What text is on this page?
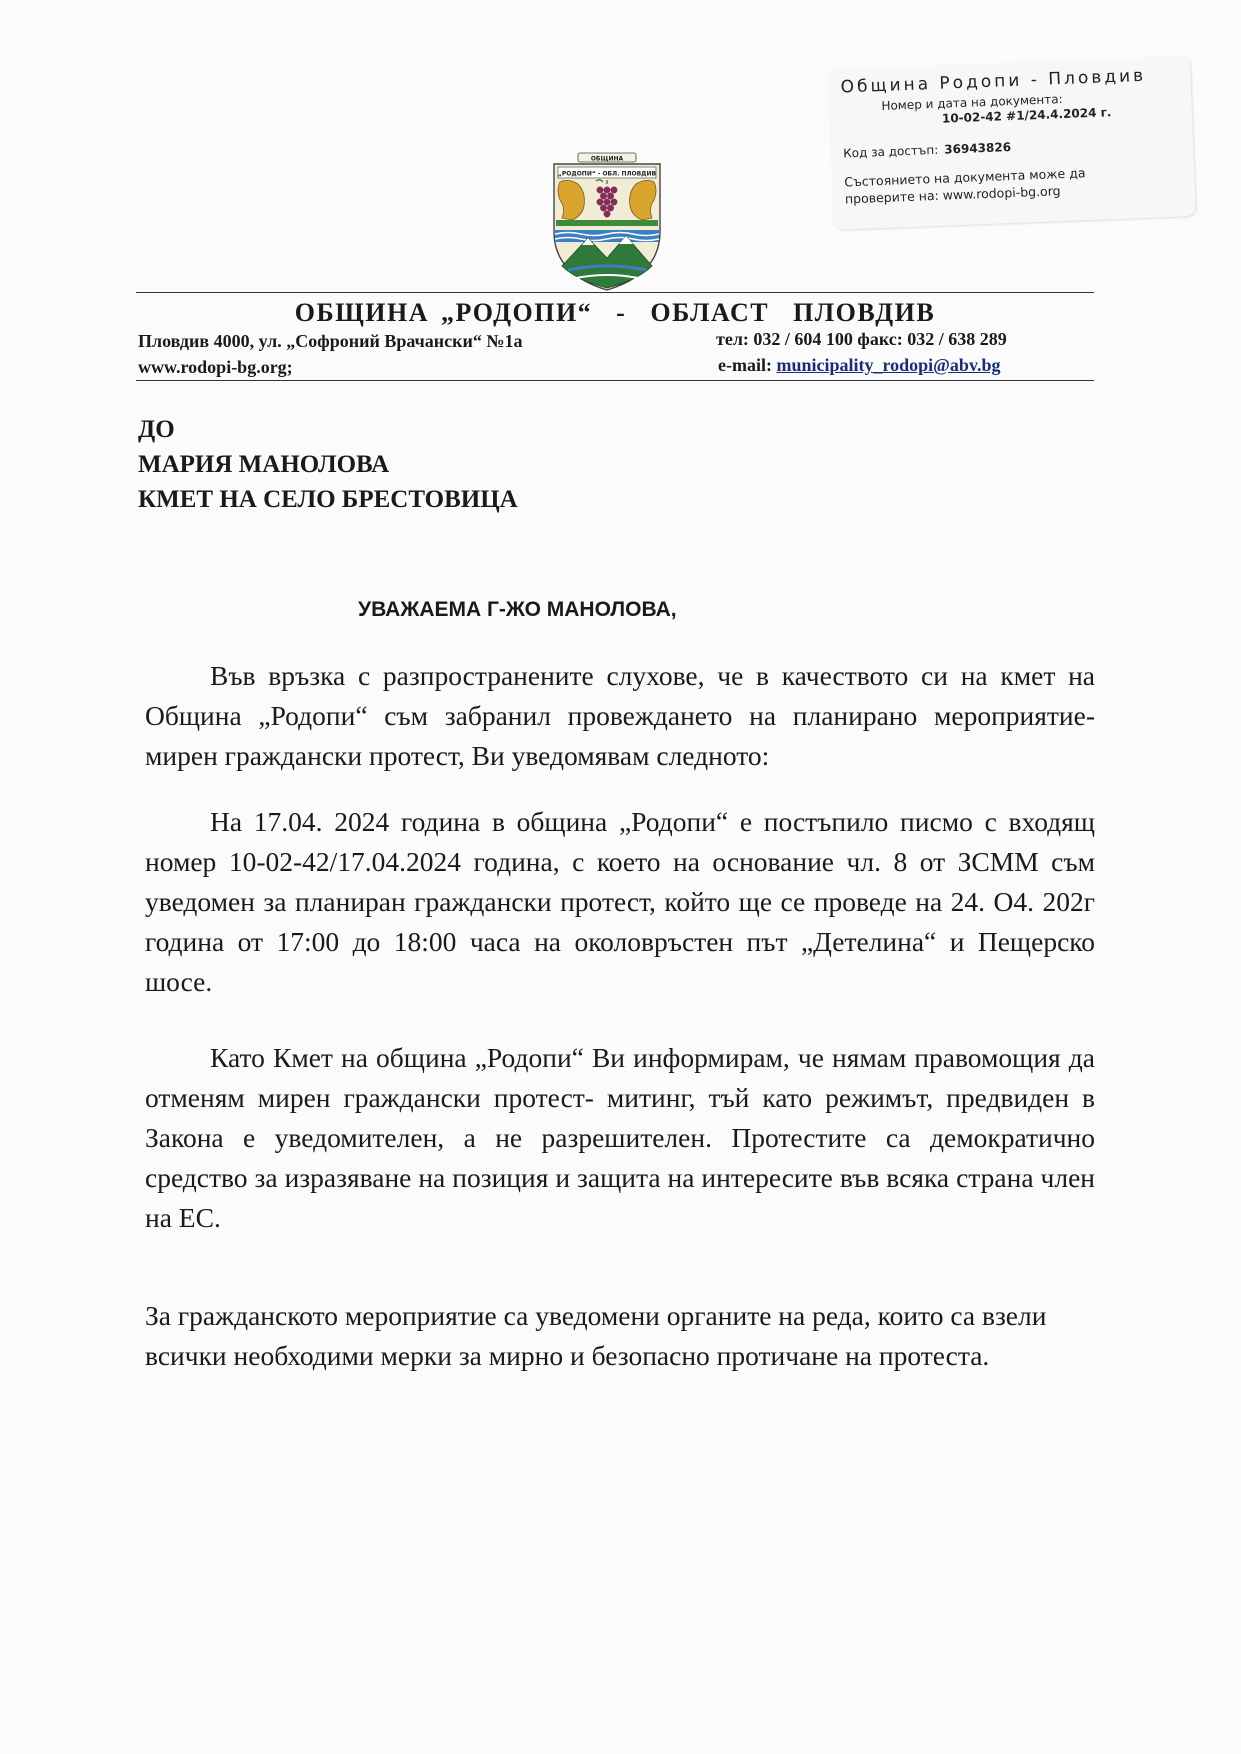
Община Родопи - Пловдив
Номер и дата на документа:
10-02-42 #1/24.4.2024 г.
Код за достъп: 36943826
Състоянието на документа може да проверите на: www.rodopi-bg.org
ОБЩИНА
„РОДОПИ“ - ОБЛ. ПЛОВДИВ
ОБЩИНА „РОДОПИ“  -  ОБЛАСТ  ПЛОВДИВ
Пловдив 4000, ул. „Софроний Врачански“ №1а
www.rodopi-bg.org;
тел: 032 / 604 100 факс: 032 / 638 289
e-mail: municipality_rodopi@abv.bg
ДО
МАРИЯ МАНОЛОВА
КМЕТ НА СЕЛО БРЕСТОВИЦА
УВАЖАЕМА Г-ЖО МАНОЛОВА,
Във връзка с разпространените слухове, че в качеството си на кмет на Община „Родопи“ съм забранил провеждането на планирано мероприятие- мирен граждански протест, Ви уведомявам следното:
На 17.04. 2024 година в община „Родопи“ е постъпило писмо с входящ номер 10-02-42/17.04.2024 година, с което на основание чл. 8 от ЗСММ съм уведомен за планиран граждански протест, който ще се проведе на 24. О4. 202г година от 17:00 до 18:00 часа на околовръстен път „Детелина“ и Пещерско шосе.
Като Кмет на община „Родопи“ Ви информирам, че нямам правомощия да отменям мирен граждански протест- митинг, тъй като режимът, предвиден в Закона е уведомителен, а не разрешителен. Протестите са демократично средство за изразяване на позиция и защита на интересите във всяка страна член на ЕС.
За гражданското мероприятие са уведомени органите на реда, които са взели всички необходими мерки за мирно и безопасно протичане на протеста.
